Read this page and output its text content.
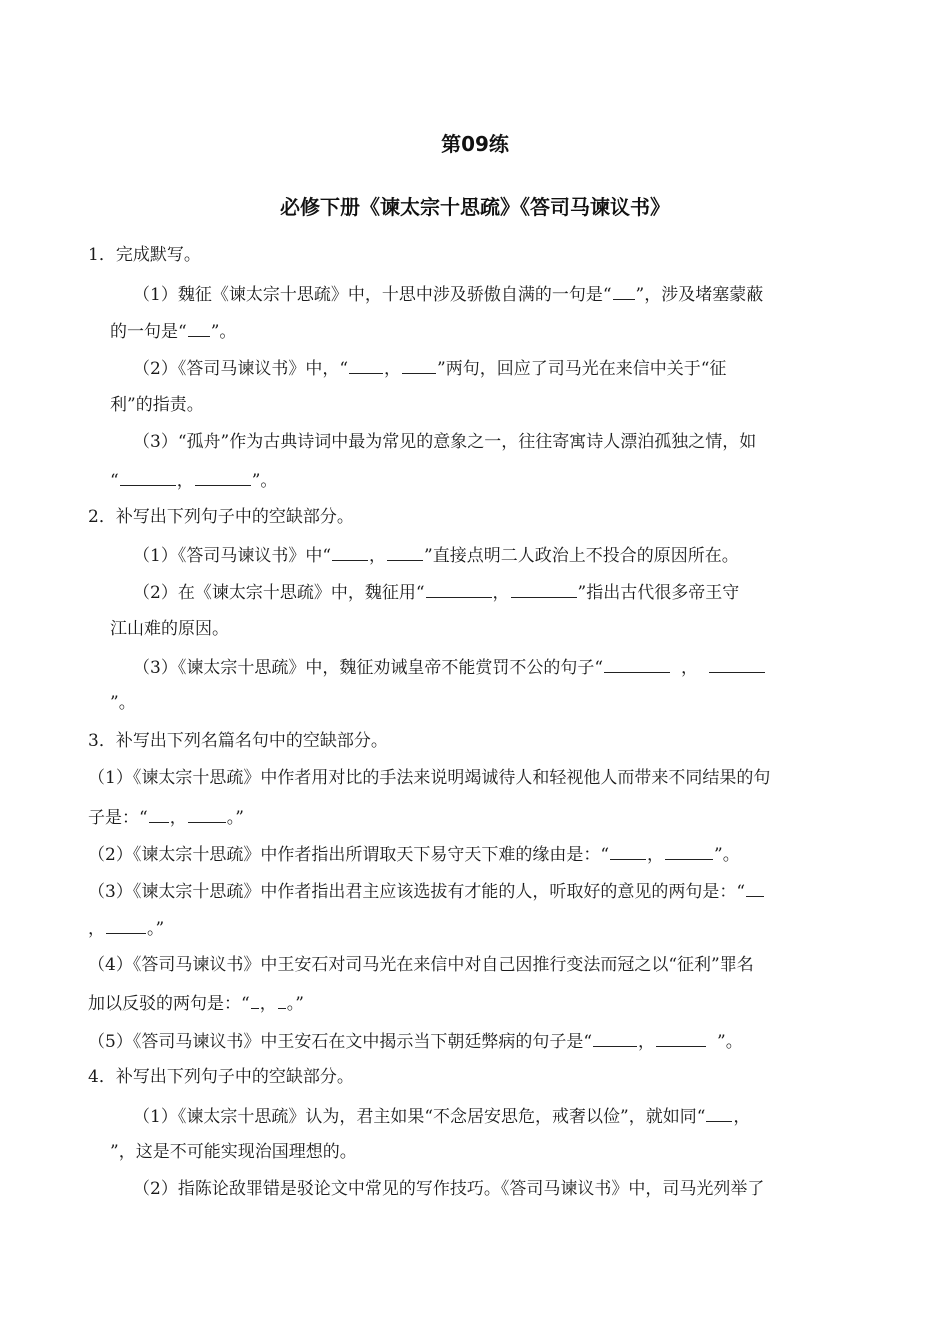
第09练
必修下册《谏太宗十思疏》《答司马谏议书》
1．完成默写。
（1）魏征《谏太宗十思疏》中，十思中涉及骄傲自满的一句是“ ”，涉及堵塞蒙蔽
的一句是“ ”。
（2）《答司马谏议书》中，“ ， ”两句，回应了司马光在来信中关于“征
利”的指责。
（3）“孤舟”作为古典诗词中最为常见的意象之一，往往寄寓诗人漂泊孤独之情，如
“	，	”。
2．补写出下列句子中的空缺部分。
（1）《答司马谏议书》中“ ， ”直接点明二人政治上不投合的原因所在。
（2）在《谏太宗十思疏》中，魏征用“	，	”指出古代很多帝王守
江山难的原因。
（3）《谏太宗十思疏》中，魏征劝诫皇帝不能赏罚不公的句子“	，
”。
3．补写出下列名篇名句中的空缺部分。
（1）《谏太宗十思疏》中作者用对比的手法来说明竭诚待人和轻视他人而带来不同结果的句
子是：“ ， 。”
（2）《谏太宗十思疏》中作者指出所谓取天下易守天下难的缘由是：“ ，	”。
（3）《谏太宗十思疏》中作者指出君主应该选拔有才能的人，听取好的意见的两句是：“
， 。”
（4）《答司马谏议书》中王安石对司马光在来信中对自己因推行变法而冠之以“征利”罪名
加以反驳的两句是：“ ， 。”
（5）《答司马谏议书》中王安石在文中揭示当下朝廷弊病的句子是“	，	”。
4．补写出下列句子中的空缺部分。
（1）《谏太宗十思疏》认为，君主如果“不念居安思危，戒奢以俭”，就如同“ ，
”，这是不可能实现治国理想的。
（2）指陈论敌罪错是驳论文中常见的写作技巧。《答司马谏议书》中，司马光列举了
